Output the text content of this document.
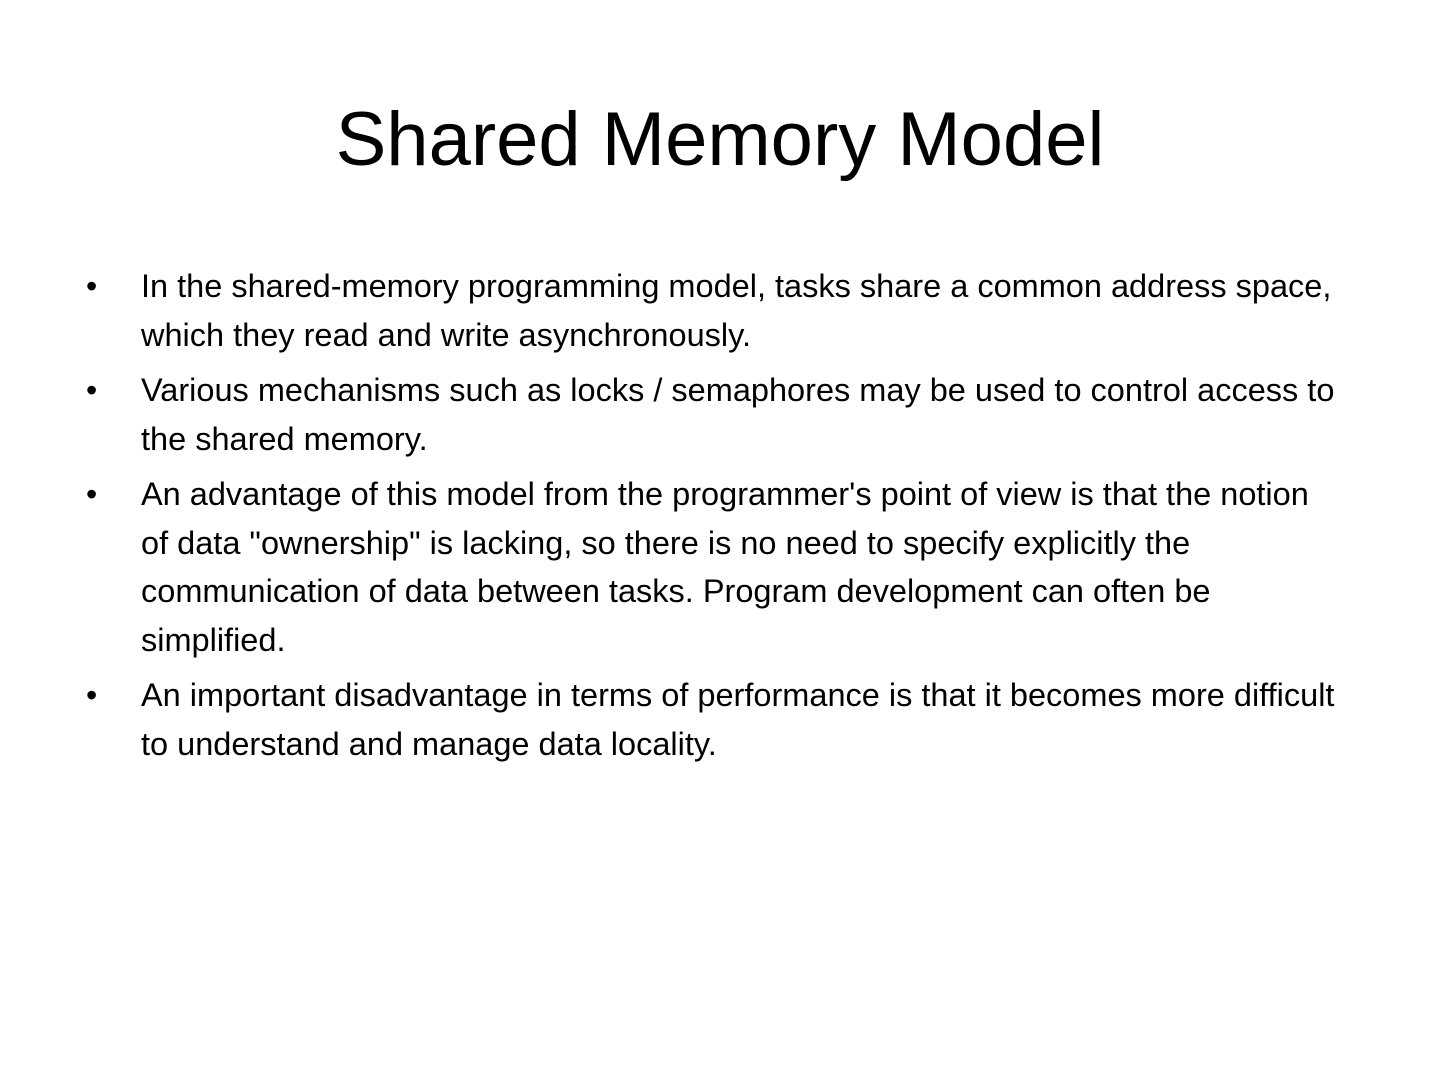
Shared Memory Model
• In the shared-memory programming model, tasks share a common address space, which they read and write asynchronously.
• Various mechanisms such as locks / semaphores may be used to control access to the shared memory.
• An advantage of this model from the programmer's point of view is that the notion of data "ownership" is lacking, so there is no need to specify explicitly the communication of data between tasks. Program development can often be simplified.
• An important disadvantage in terms of performance is that it becomes more difficult to understand and manage data locality.
